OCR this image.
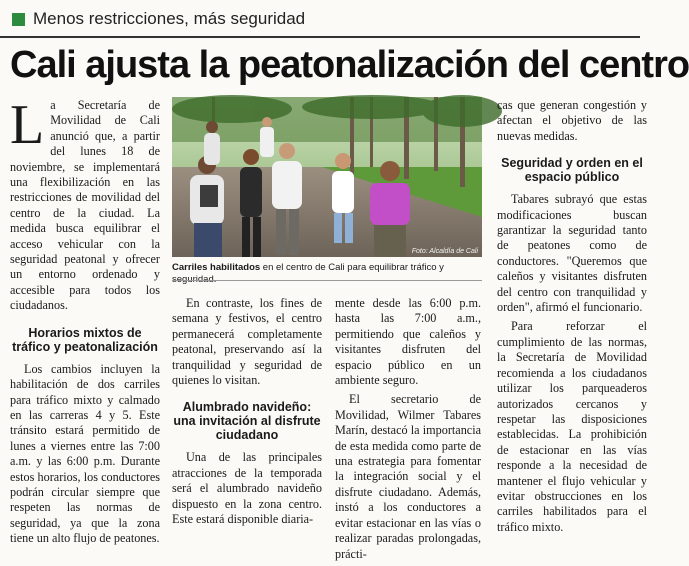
Menos restricciones, más seguridad
Cali ajusta la peatonalización del centro

La Secretaría de Movilidad de Cali anunció que, a partir del lunes 18 de noviembre, se implementará una flexibilización en las restricciones de movilidad del centro de la ciudad. La medida busca equilibrar el acceso vehicular con la seguridad peatonal y ofrecer un entorno ordenado y accesible para todos los ciudadanos.

Horarios mixtos de tráfico y peatonalización

Los cambios incluyen la habilitación de dos carriles para tráfico mixto y calmado en las carreras 4 y 5. Este tránsito estará permitido de lunes a viernes entre las 7:00 a.m. y las 6:00 p.m. Durante estos horarios, los conductores podrán circular siempre que respeten las normas de seguridad, ya que la zona tiene un alto flujo de peatones.

Foto: Alcaldía de Cali
Carriles habilitados en el centro de Cali para equilibrar tráfico y

En contraste, los fines de semana y festivos, el centro permanecerá completamente peatonal, preservando así la tranquilidad y seguridad de quienes lo visitan.

Alumbrado navideño: una invitación al disfrute ciudadano

Una de las principales atracciones de la temporada será el alumbrado navideño dispuesto en la zona centro. Este estará disponible diaria-

mente desde las 6:00 p.m. hasta las 7:00 a.m., permitiendo que caleños y visitantes disfruten del espacio público en un ambiente seguro.

El secretario de Movilidad, Wilmer Tabares Marín, destacó la importancia de esta medida como parte de una estrategia para fomentar la integración social y el disfrute ciudadano. Además, instó a los conductores a evitar estacionar en las vías o realizar paradas prolongadas, prácti-

cas que generan congestión y afectan el objetivo de las nuevas medidas.

Seguridad y orden en el espacio público

Tabares subrayó que estas modificaciones buscan garantizar la seguridad tanto de peatones como de conductores. "Queremos que caleños y visitantes disfruten del centro con tranquilidad y orden", afirmó el funcionario.

Para reforzar el cumplimiento de las normas, la Secretaría de Movilidad recomienda a los ciudadanos utilizar los parqueaderos autorizados cercanos y respetar las disposiciones establecidas. La prohibición de estacionar en las vías responde a la necesidad de mantener el flujo vehicular y evitar obstrucciones en los carriles habilitados para el tráfico mixto.
